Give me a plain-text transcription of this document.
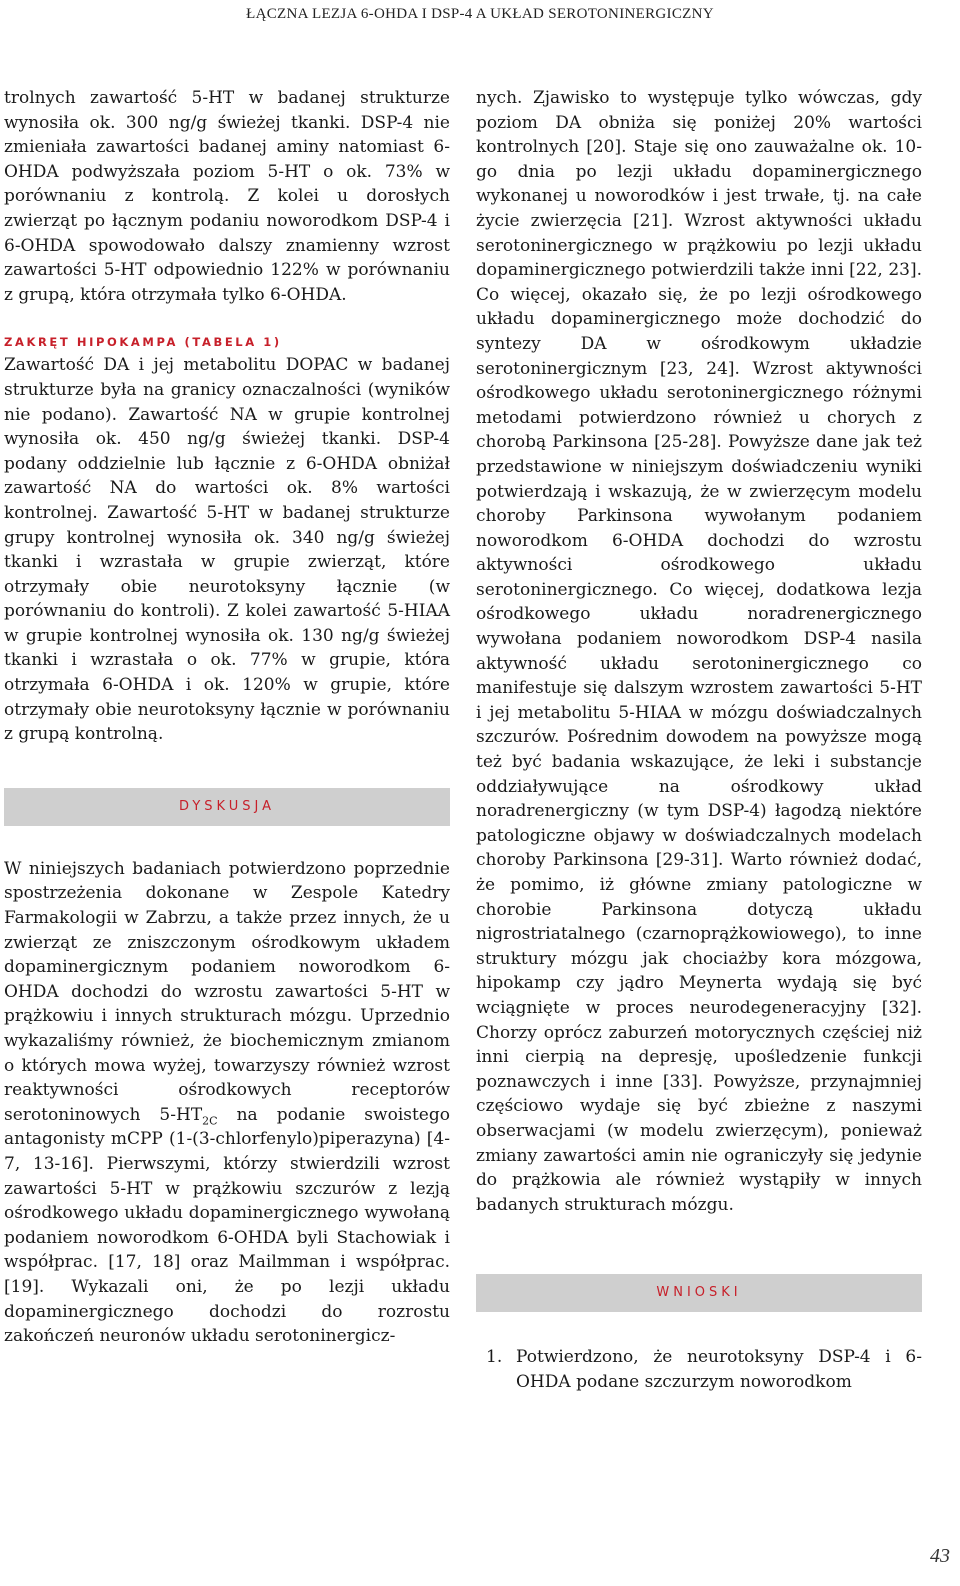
ŁĄCZNA LEZJA 6-OHDA I DSP-4 A UKŁAD SEROTONINERGICZNY

trolnych zawartość 5-HT w badanej strukturze wynosiła ok. 300 ng/g świeżej tkanki. DSP-4 nie zmieniała zawartości badanej aminy natomiast 6-OHDA podwyższała poziom 5-HT o ok. 73% w porównaniu z kontrolą. Z kolei u dorosłych zwierząt po łącznym podaniu noworodkom DSP-4 i 6-OHDA spowodowało dalszy znamienny wzrost zawartości 5-HT odpowiednio 122% w porównaniu z grupą, która otrzymała tylko 6-OHDA.

ZAKRĘT HIPOKAMPA (TABELA 1)

Zawartość DA i jej metabolitu DOPAC w badanej strukturze była na granicy oznaczalności (wyników nie podano). Zawartość NA w grupie kontrolnej wynosiła ok. 450 ng/g świeżej tkanki. DSP-4 podany oddzielnie lub łącznie z 6-OHDA obniżał zawartość NA do wartości ok. 8% wartości kontrolnej. Zawartość 5-HT w badanej strukturze grupy kontrolnej wynosiła ok. 340 ng/g świeżej tkanki i wzrastała w grupie zwierząt, które otrzymały obie neurotoksyny łącznie (w porównaniu do kontroli). Z kolei zawartość 5-HIAA w grupie kontrolnej wynosiła ok. 130 ng/g świeżej tkanki i wzrastała o ok. 77% w grupie, która otrzymała 6-OHDA i ok. 120% w grupie, które otrzymały obie neurotoksyny łącznie w porównaniu z grupą kontrolną.

DYSKUSJA

W niniejszych badaniach potwierdzono poprzednie spostrzeżenia dokonane w Zespole Katedry Farmakologii w Zabrzu, a także przez innych, że u zwierząt ze zniszczonym ośrodkowym układem dopaminergicznym podaniem noworodkom 6-OHDA dochodzi do wzrostu zawartości 5-HT w prążkowiu i innych strukturach mózgu. Uprzednio wykazaliśmy również, że biochemicznym zmianom o których mowa wyżej, towarzyszy również wzrost reaktywności ośrodkowych receptorów serotoninowych $5-HT_{2C}$ na podanie swoistego antagonisty mCPP (1-(3-chlorfenylo)piperazyna) [4-7, 13-16]. Pierwszymi, którzy stwierdzili wzrost zawartości 5-HT w prążkowiu szczurów z lezją ośrodkowego układu dopaminergicznego wywołaną podaniem noworodkom 6-OHDA byli Stachowiak i współprac. [17, 18] oraz Mailmman i współprac. [19]. Wykazali oni, że po lezji układu dopaminergicznego dochodzi do rozrostu zakończeń neuronów układu serotoninergicz-

nych. Zjawisko to występuje tylko wówczas, gdy poziom DA obniża się poniżej 20% wartości kontrolnych [20]. Staje się ono zauważalne ok. 10-go dnia po lezji układu dopaminergicznego wykonanej u noworodków i jest trwałe, tj. na całe życie zwierzęcia [21]. Wzrost aktywności układu serotoninergicznego w prążkowiu po lezji układu dopaminergicznego potwierdzili także inni [22, 23]. Co więcej, okazało się, że po lezji ośrodkowego układu dopaminergicznego może dochodzić do syntezy DA w ośrodkowym układzie serotoninergicznym [23, 24]. Wzrost aktywności ośrodkowego układu serotoninergicznego różnymi metodami potwierdzono również u chorych z chorobą Parkinsona [25-28]. Powyższe dane jak też przedstawione w niniejszym doświadczeniu wyniki potwierdzają i wskazują, że w zwierzęcym modelu choroby Parkinsona wywołanym podaniem noworodkom 6-OHDA dochodzi do wzrostu aktywności ośrodkowego układu serotoninergicznego. Co więcej, dodatkowa lezja ośrodkowego układu noradrenergicznego wywołana podaniem noworodkom DSP-4 nasila aktywność układu serotoninergicznego co manifestuje się dalszym wzrostem zawartości 5-HT i jej metabolitu 5-HIAA w mózgu doświadczalnych szczurów. Pośrednim dowodem na powyższe mogą też być badania wskazujące, że leki i substancje oddziaływujące na ośrodkowy układ noradrenergiczny (w tym DSP-4) łagodzą niektóre patologiczne objawy w doświadczalnych modelach choroby Parkinsona [29-31]. Warto również dodać, że pomimo, iż główne zmiany patologiczne w chorobie Parkinsona dotyczą układu nigrostriatalnego (czarnoprążkowiowego), to inne struktury mózgu jak chociażby kora mózgowa, hipokamp czy jądro Meynerta wydają się być wciągnięte w proces neurodegeneracyjny [32]. Chorzy oprócz zaburzeń motorycznych częściej niż inni cierpią na depresję, upośledzenie funkcji poznawczych i inne [33]. Powyższe, przynajmniej częściowo wydaje się być zbieżne z naszymi obserwacjami (w modelu zwierzęcym), ponieważ zmiany zawartości amin nie ograniczyły się jedynie do prążkowia ale również wystąpiły w innych badanych strukturach mózgu.

WNIOSKI
1. Potwierdzono, że neurotoksyny DSP-4 i 6-OHDA podane szczurzym noworodkom
43
